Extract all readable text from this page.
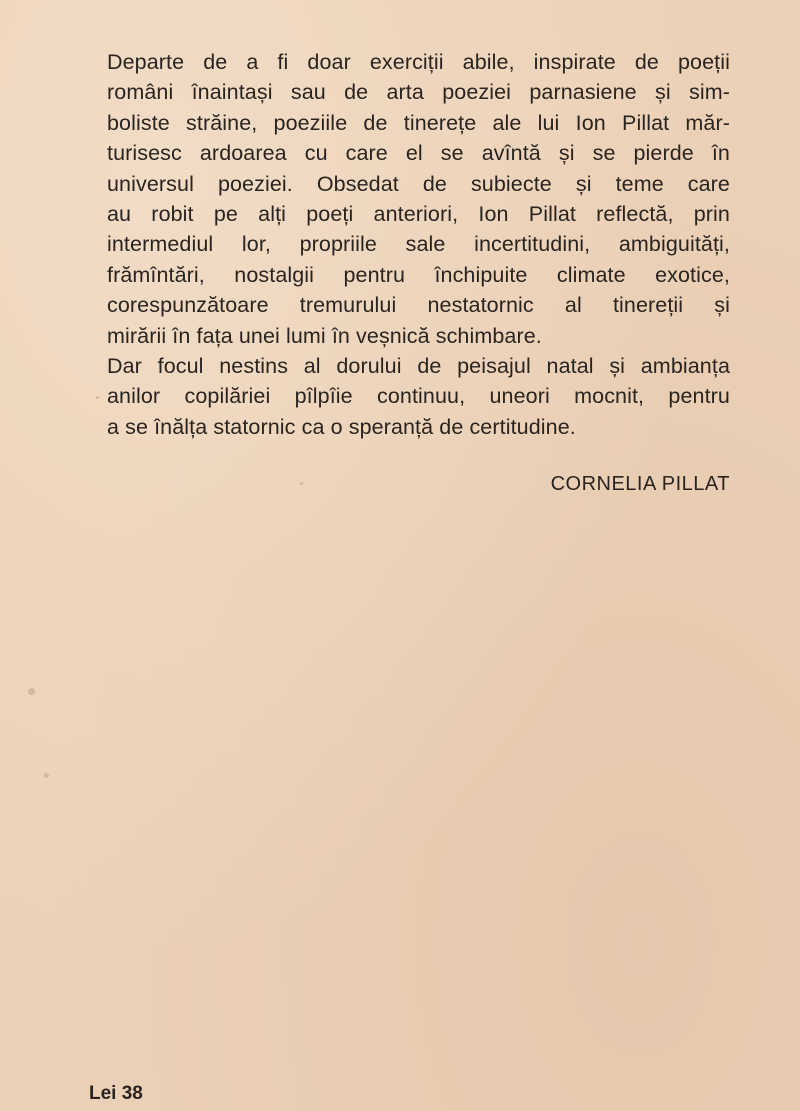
Departe de a fi doar exerciții abile, inspirate de poeții
români înaintași sau de arta poeziei parnasiene și sim-
boliste străine, poeziile de tinerețe ale lui Ion Pillat măr-
turisesc ardoarea cu care el se avîntă și se pierde în
universul poeziei. Obsedat de subiecte și teme care
au robit pe alți poeți anteriori, Ion Pillat reflectă, prin
intermediul lor, propriile sale incertitudini, ambiguități,
frămîntări, nostalgii pentru închipuite climate exotice,
corespunzătoare tremurului nestatornic al tinereții și
mirării în fața unei lumi în veșnică schimbare.
Dar focul nestins al dorului de peisajul natal și ambianța
anilor copilăriei pîlpîie continuu, uneori mocnit, pentru
a se înălța statornic ca o speranță de certitudine.
CORNELIA PILLAT
Lei 38
